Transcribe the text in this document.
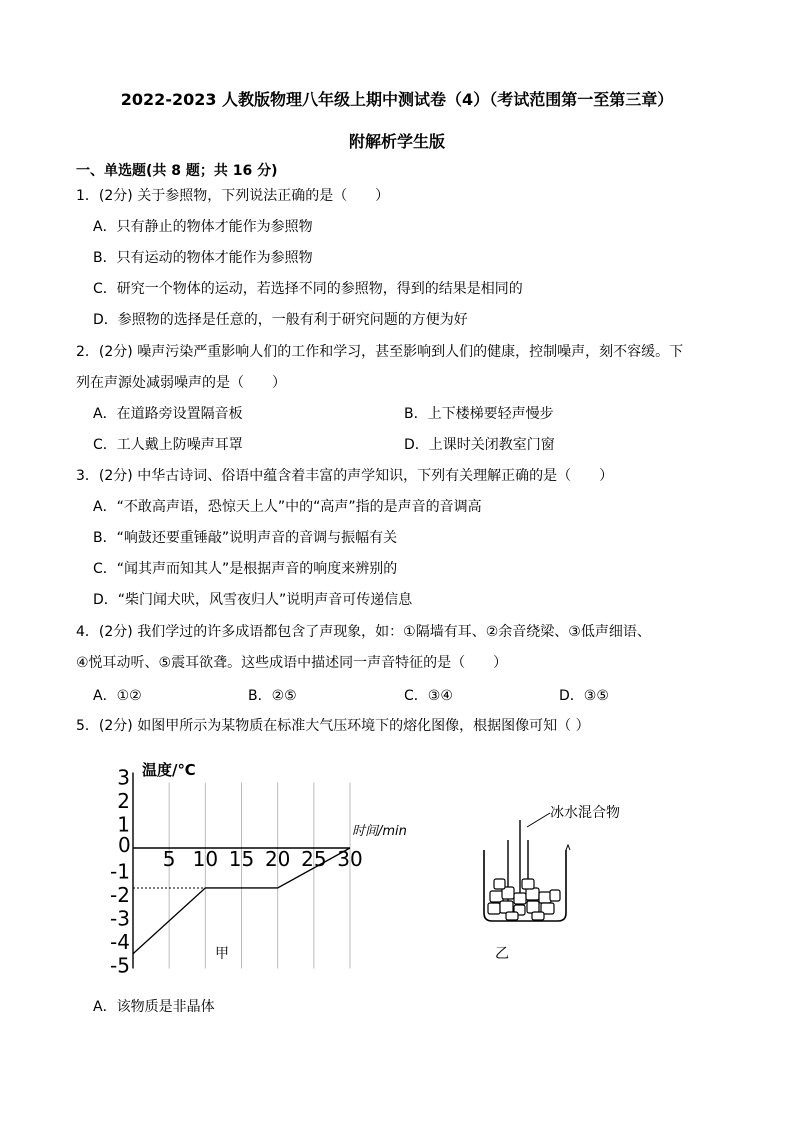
2022-2023 人教版物理八年级上期中测试卷（4）（考试范围第一至第三章）
附解析学生版
一、单选题(共 8 题；共 16 分)
1．(2分) 关于参照物，下列说法正确的是（　　）
A．只有静止的物体才能作为参照物
B．只有运动的物体才能作为参照物
C．研究一个物体的运动，若选择不同的参照物，得到的结果是相同的
D．参照物的选择是任意的，一般有利于研究问题的方便为好
2．(2分) 噪声污染严重影响人们的工作和学习，甚至影响到人们的健康，控制噪声，刻不容缓。下
列在声源处减弱噪声的是（　　）
A．在道路旁设置隔音板	B．上下楼梯要轻声慢步
C．工人戴上防噪声耳罩	D．上课时关闭教室门窗
3．(2分) 中华古诗词、俗语中蕴含着丰富的声学知识，下列有关理解正确的是（　　）
A．“不敢高声语，恐惊天上人”中的“高声”指的是声音的音调高
B．“响鼓还要重锤敲”说明声音的音调与振幅有关
C．“闻其声而知其人”是根据声音的响度来辨别的
D．“柴门闻犬吠，风雪夜归人”说明声音可传递信息
4．(2分) 我们学过的许多成语都包含了声现象，如：①隔墙有耳、②余音绕梁、③低声细语、
④悦耳动听、⑤震耳欲聋。这些成语中描述同一声音特征的是（　　）
A．①②	B．②⑤	C．③④	D．③⑤
5．(2分) 如图甲所示为某物质在标准大气压环境下的熔化图像，根据图像可知（ ）
3
2
1
-1
-2
-3
-4
-5
5 10 15 20 25 30
温度/℃
时间/min
0
甲
冰水混合物
乙
A．该物质是非晶体
